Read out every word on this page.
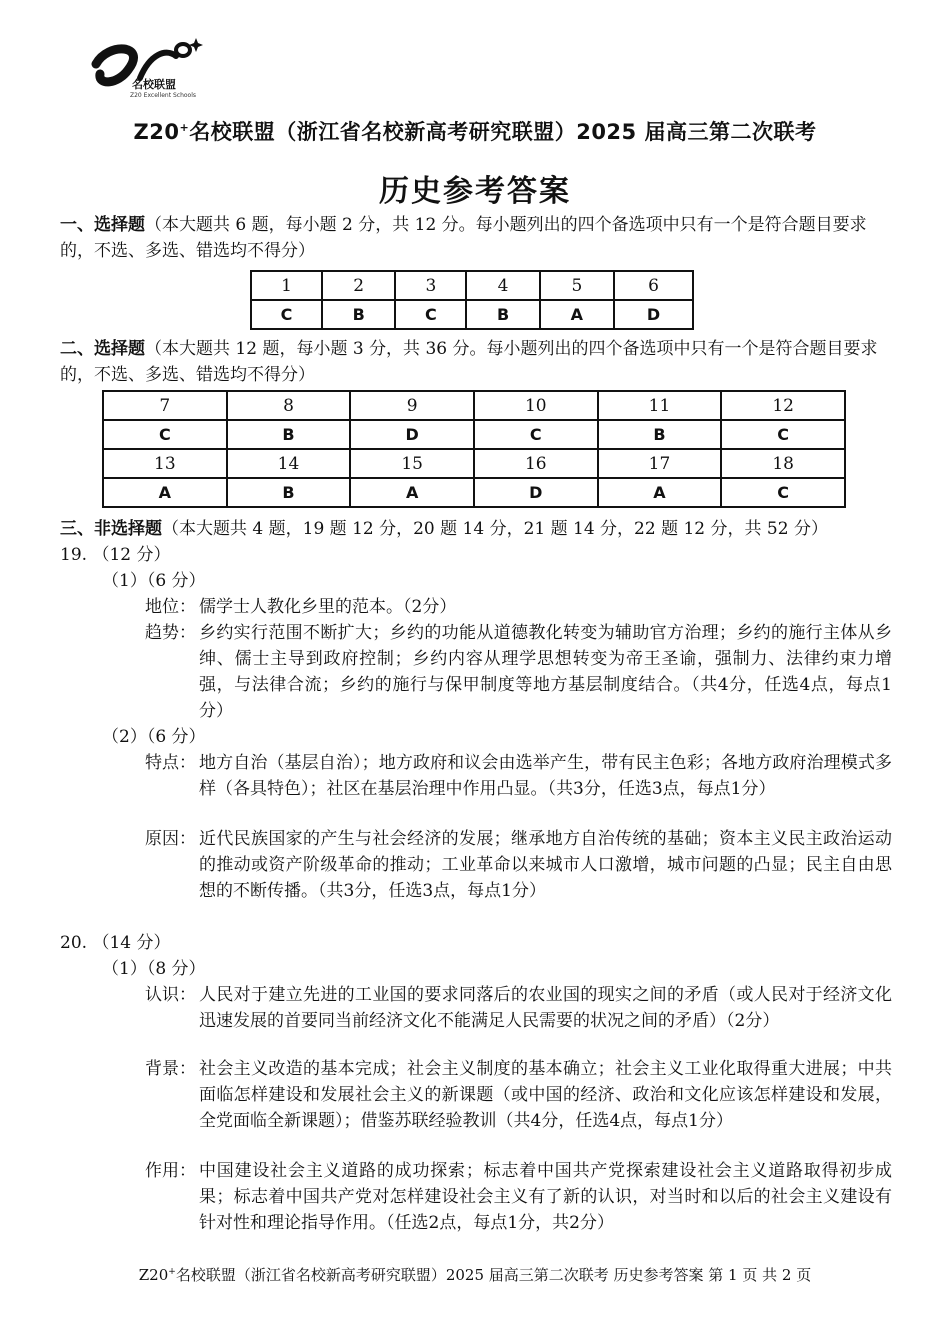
名校联盟
Z20 Excellent Schools
Z20+名校联盟（浙江省名校新高考研究联盟）2025 届高三第二次联考
历史参考答案
一、选择题（本大题共 6 题，每小题 2 分，共 12 分。每小题列出的四个备选项中只有一个是符合题目要求的，不选、多选、错选均不得分）
1	2	3	4	5	6
C	B	C	B	A	D
二、选择题（本大题共 12 题，每小题 3 分，共 36 分。每小题列出的四个备选项中只有一个是符合题目要求的，不选、多选、错选均不得分）
7	8	9	10	11	12
C	B	D	C	B	C
13	14	15	16	17	18
A	B	A	D	A	C
三、非选择题（本大题共 4 题，19 题 12 分，20 题 14 分，21 题 14 分，22 题 12 分，共 52 分）
19. （12 分）
（1）（6 分）
地位： 儒学士人教化乡里的范本。（2分）
趋势： 乡约实行范围不断扩大；乡约的功能从道德教化转变为辅助官方治理；乡约的施行主体从乡绅、儒士主导到政府控制；乡约内容从理学思想转变为帝王圣谕，强制力、法律约束力增强，与法律合流；乡约的施行与保甲制度等地方基层制度结合。（共4分，任选4点，每点1分）
（2）（6 分）
特点： 地方自治（基层自治）；地方政府和议会由选举产生，带有民主色彩；各地方政府治理模式多样（各具特色）；社区在基层治理中作用凸显。（共3分，任选3点，每点1分）
原因： 近代民族国家的产生与社会经济的发展；继承地方自治传统的基础；资本主义民主政治运动的推动或资产阶级革命的推动；工业革命以来城市人口激增，城市问题的凸显；民主自由思想的不断传播。（共3分，任选3点，每点1分）
20. （14 分）
（1）（8 分）
认识： 人民对于建立先进的工业国的要求同落后的农业国的现实之间的矛盾（或人民对于经济文化迅速发展的首要同当前经济文化不能满足人民需要的状况之间的矛盾）（2分）
背景： 社会主义改造的基本完成；社会主义制度的基本确立；社会主义工业化取得重大进展；中共面临怎样建设和发展社会主义的新课题（或中国的经济、政治和文化应该怎样建设和发展，全党面临全新课题）；借鉴苏联经验教训（共4分，任选4点，每点1分）
作用： 中国建设社会主义道路的成功探索；标志着中国共产党探索建设社会主义道路取得初步成果；标志着中国共产党对怎样建设社会主义有了新的认识，对当时和以后的社会主义建设有针对性和理论指导作用。（任选2点，每点1分，共2分）
Z20+名校联盟（浙江省名校新高考研究联盟）2025 届高三第二次联考 历史参考答案 第 1 页 共 2 页
